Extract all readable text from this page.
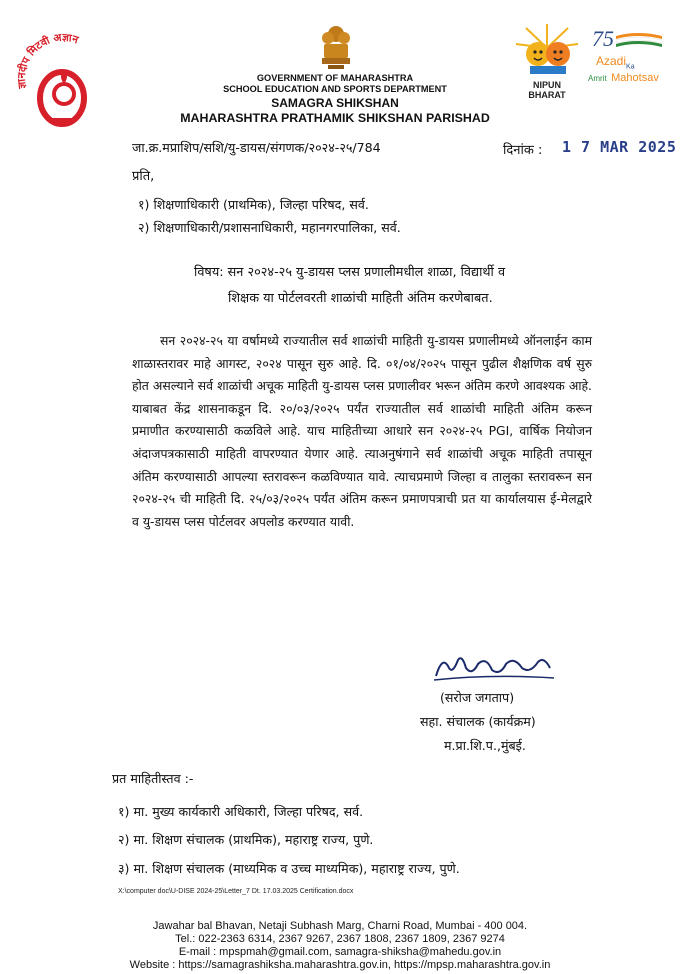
ज्ञानदीप मिटवी अज्ञान
GOVERNMENT OF MAHARASHTRA
SCHOOL EDUCATION AND SPORTS DEPARTMENT
SAMAGRA SHIKSHAN
MAHARASHTRA PRATHAMIK SHIKSHAN PARISHAD
NIPUN BHARAT
75
Azadi$_{Ka}$
Amrit Mahotsav
जा.क्र.मप्राशिप/सशि/यु-डायस/संगणक/२०२४-२५/784	दिनांक : 1 7 MAR 2025
प्रति,
१) शिक्षणाधिकारी (प्राथमिक), जिल्हा परिषद, सर्व.
२) शिक्षणाधिकारी/प्रशासनाधिकारी, महानगरपालिका, सर्व.
विषय: सन २०२४-२५ यु-डायस प्लस प्रणालीमधील शाळा, विद्यार्थी व
शिक्षक या पोर्टलवरती शाळांची माहिती अंतिम करणेबाबत.
सन २०२४-२५ या वर्षामध्ये राज्यातील सर्व शाळांची माहिती यु-डायस प्रणालीमध्ये ऑनलाईन काम शाळास्तरावर माहे आगस्ट, २०२४ पासून सुरु आहे. दि. ०१/०४/२०२५ पासून पुढील शैक्षणिक वर्ष सुरु होत असल्याने सर्व शाळांची अचूक माहिती यु-डायस प्लस प्रणालीवर भरून अंतिम करणे आवश्यक आहे. याबाबत केंद्र शासनाकडून दि. २०/०३/२०२५ पर्यंत राज्यातील सर्व शाळांची माहिती अंतिम करून प्रमाणीत करण्यासाठी कळविले आहे. याच माहितीच्या आधारे सन २०२४-२५ PGI, वार्षिक नियोजन अंदाजपत्रकासाठी माहिती वापरण्यात येणार आहे. त्याअनुषंगाने सर्व शाळांची अचूक माहिती तपासून अंतिम करण्यासाठी आपल्या स्तरावरून कळविण्यात यावे. त्याचप्रमाणे जिल्हा व तालुका स्तरावरून सन २०२४-२५ ची माहिती दि. २५/०३/२०२५ पर्यंत अंतिम करून प्रमाणपत्राची प्रत या कार्यालयास ई-मेलद्वारे व यु-डायस प्लस पोर्टलवर अपलोड करण्यात यावी.
Saroj Jagtap
(सरोज जगताप)
सहा. संचालक (कार्यक्रम)
म.प्रा.शि.प.,मुंबई.
प्रत माहितीस्तव :-
१) मा. मुख्य कार्यकारी अधिकारी, जिल्हा परिषद, सर्व.
२) मा. शिक्षण संचालक (प्राथमिक), महाराष्ट्र राज्य, पुणे.
३) मा. शिक्षण संचालक (माध्यमिक व उच्च माध्यमिक), महाराष्ट्र राज्य, पुणे.
X:\computer doc\U-DISE 2024-25\Letter_7 Dt. 17.03.2025 Certification.docx
Jawahar bal Bhavan, Netaji Subhash Marg, Charni Road, Mumbai - 400 004.
Tel.: 022-2363 6314, 2367 9267, 2367 1808, 2367 1809, 2367 9274
E-mail : mpspmah@gmail.com, samagra-shiksha@mahedu.gov.in
Website : https://samagrashiksha.maharashtra.gov.in, https://mpsp.maharashtra.gov.in
